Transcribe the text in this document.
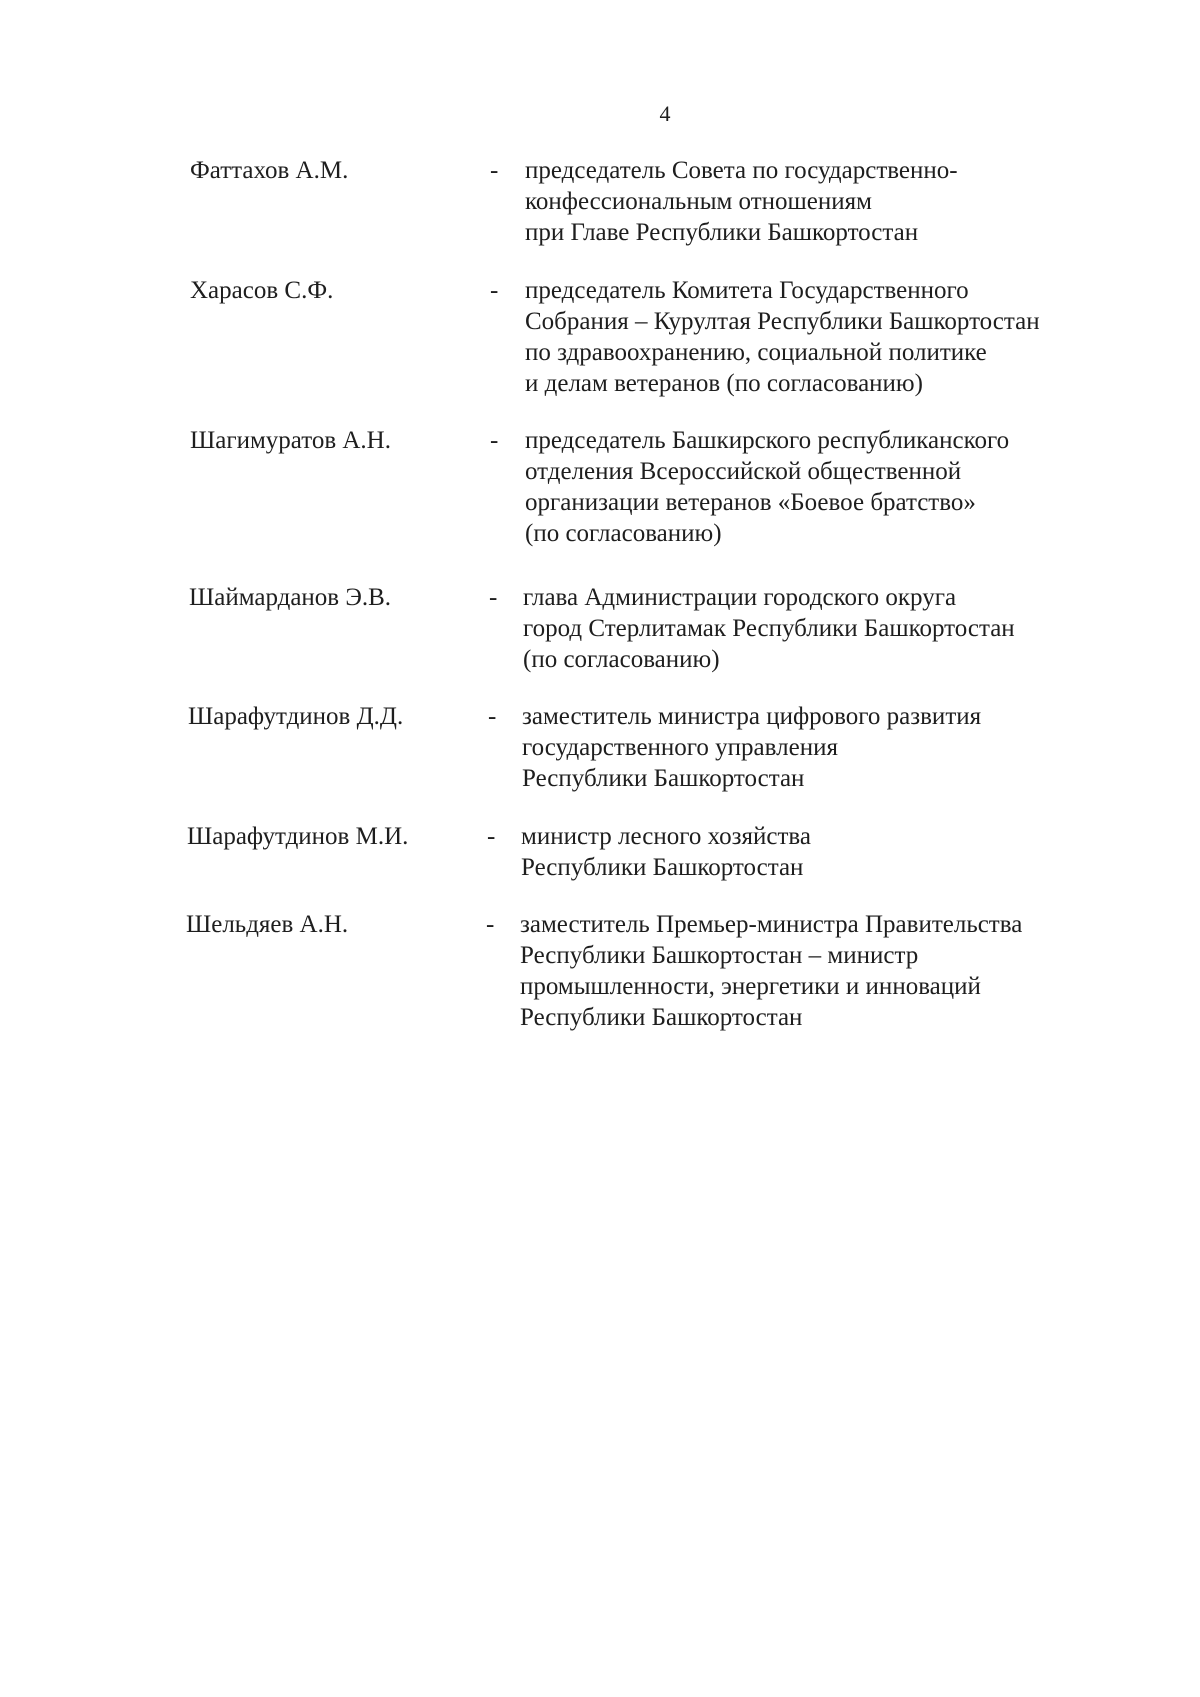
4
Фаттахов А.М.	- председатель Совета по государственно-
конфессиональным отношениям
при Главе Республики Башкортостан
Харасов С.Ф.	- председатель Комитета Государственного
Собрания – Курултая Республики Башкортостан
по здравоохранению, социальной политике
и делам ветеранов (по согласованию)
Шагимуратов А.Н.	- председатель Башкирского республиканского
отделения Всероссийской общественной
организации ветеранов «Боевое братство»
(по согласованию)
Шаймарданов Э.В.	- глава Администрации городского округа
город Стерлитамак Республики Башкортостан
(по согласованию)
Шарафутдинов Д.Д.	- заместитель министра цифрового развития
государственного управления
Республики Башкортостан
Шарафутдинов М.И.	- министр лесного хозяйства
Республики Башкортостан
Шельдяев А.Н.	- заместитель Премьер-министра Правительства
Республики Башкортостан – министр
промышленности, энергетики и инноваций
Республики Башкортостан
